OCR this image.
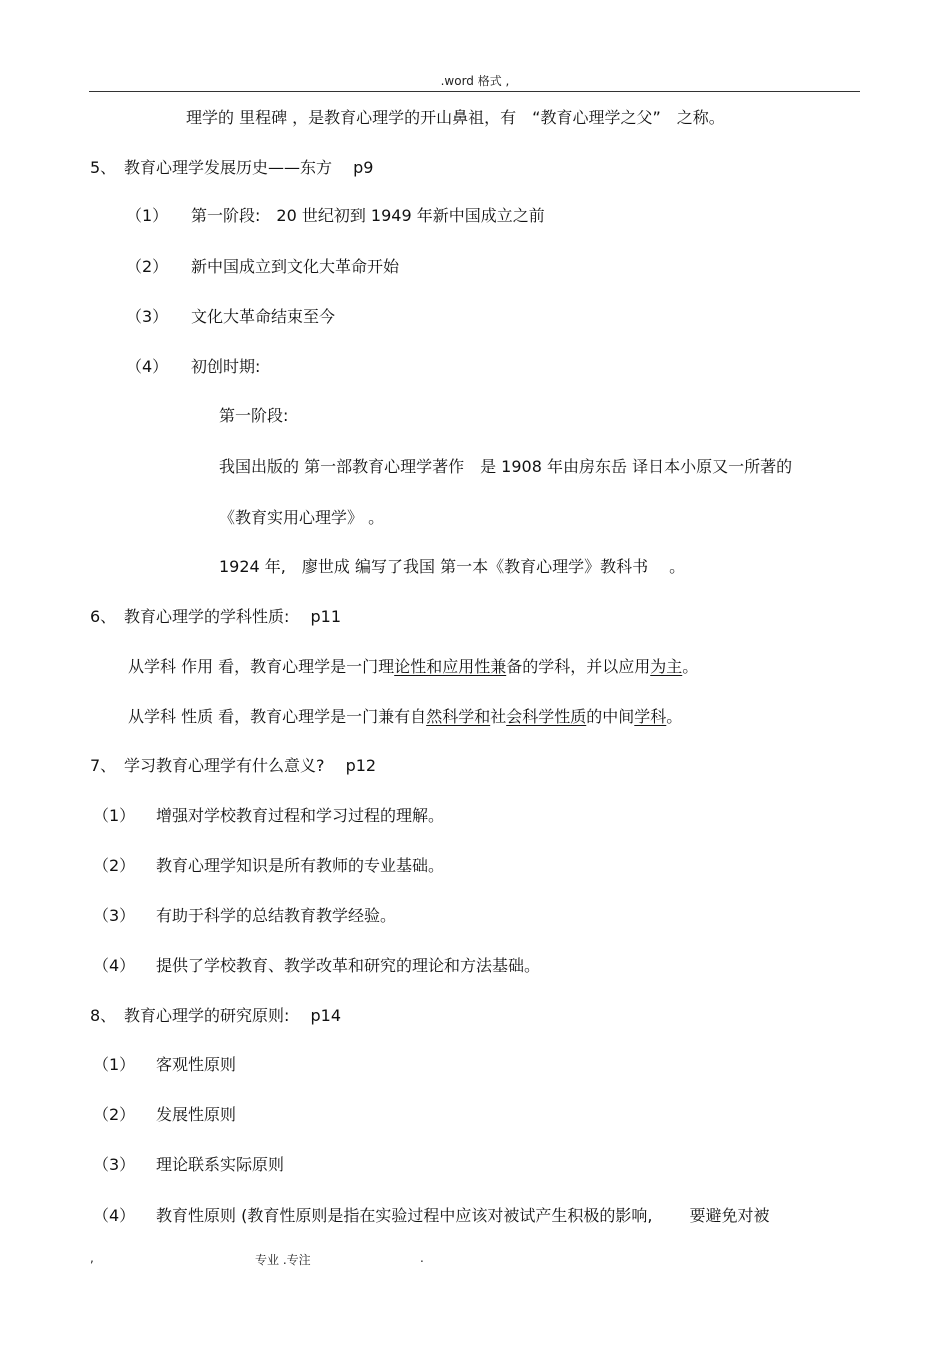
.word 格式 ,
理学的 里程碑 ，是教育心理学的开山鼻祖，有　“教育心理学之父”　之称。
5、 教育心理学发展历史——东方　 p9
（1） 第一阶段:　20 世纪初到 1949 年新中国成立之前
（2） 新中国成立到文化大革命开始
（3） 文化大革命结束至今
（4） 初创时期:
第一阶段:
我国出版的 第一部教育心理学著作　是 1908 年由房东岳 译日本小原又一所著的
《教育实用心理学》 。
1924 年,　廖世成 编写了我国 第一本《教育心理学》教科书　 。
6、 教育心理学的学科性质:　 p11
从学科 作用 看，教育心理学是一门理论性和应用性兼备的学科，并以应用为主。
从学科 性质 看，教育心理学是一门兼有自然科学和社会科学性质的中间学科。
7、 学习教育心理学有什么意义?　 p12
（1） 增强对学校教育过程和学习过程的理解。
（2） 教育心理学知识是所有教师的专业基础。
（3） 有助于科学的总结教育教学经验。
（4） 提供了学校教育、教学改革和研究的理论和方法基础。
8、 教育心理学的研究原则:　 p14
（1） 客观性原则
（2） 发展性原则
（3） 理论联系实际原则
（4） 教育性原则 (教育性原则是指在实验过程中应该对被试产生积极的影响,　　 要避免对被
,	专业 .专注	.
